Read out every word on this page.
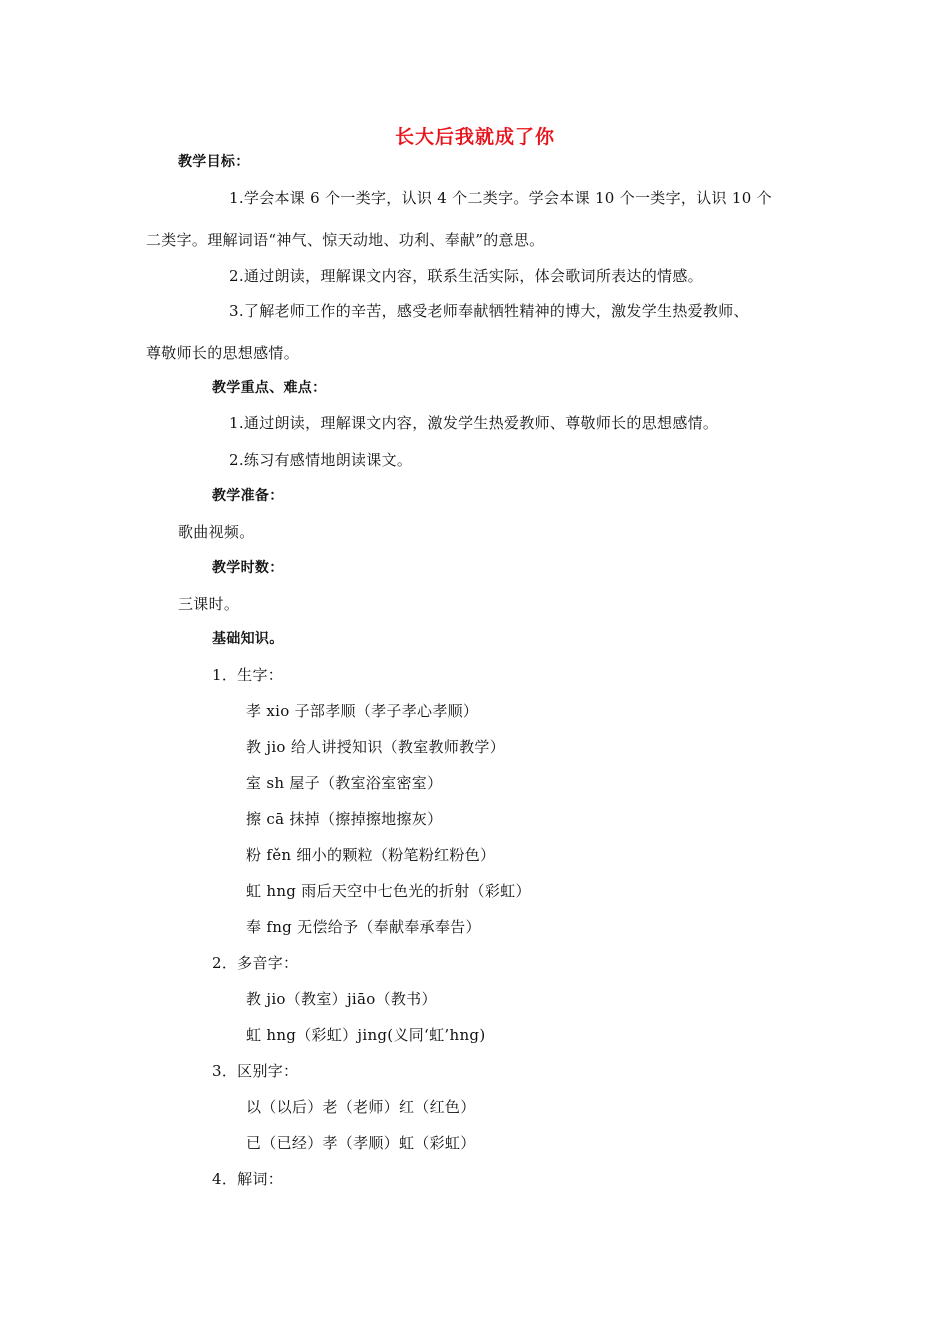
长大后我就成了你
教学目标：
1.学会本课 6 个一类字，认识 4 个二类字。学会本课 10 个一类字，认识 10 个
二类字。理解词语“神气、惊天动地、功利、奉献”的意思。
2.通过朗读，理解课文内容，联系生活实际，体会歌词所表达的情感。
3.了解老师工作的辛苦，感受老师奉献牺牲精神的博大，激发学生热爱教师、
尊敬师长的思想感情。
教学重点、难点：
1.通过朗读，理解课文内容，激发学生热爱教师、尊敬师长的思想感情。
2.练习有感情地朗读课文。
教学准备：
歌曲视频。
教学时数：
三课时。
基础知识。
1．生字：
孝 xio 子部孝顺（孝子孝心孝顺）
教 jio 给人讲授知识（教室教师教学）
室 sh 屋子（教室浴室密室）
擦 cā 抹掉（擦掉擦地擦灰）
粉 fěn 细小的颗粒（粉笔粉红粉色）
虹 hng 雨后天空中七色光的折射（彩虹）
奉 fng 无偿给予（奉献奉承奉告）
2．多音字：
教 jio（教室）jiāo（教书）
虹 hng（彩虹）jing(义同‘虹’hng)
3．区别字：
以（以后）老（老师）红（红色）
已（已经）孝（孝顺）虹（彩虹）
4．解词：
